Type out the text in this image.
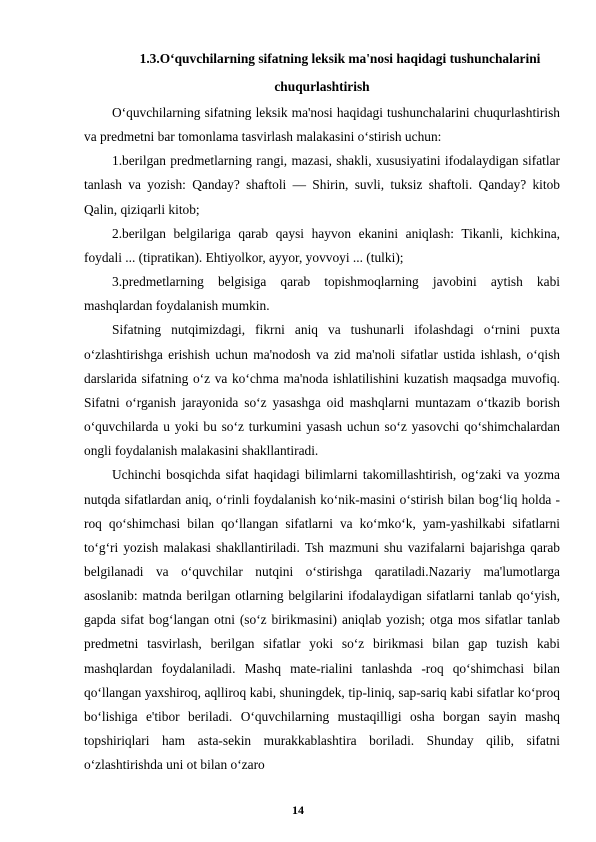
1.3.O‘quvchilarning sifatning leksik ma'nosi haqidagi tushunchalarini

chuqurlashtirish

O‘quvchilarning sifatning leksik ma'nosi haqidagi tushunchalarini chuqurlashtirish va predmetni bar tomonlama tasvirlash malakasini o‘stirish uchun:

1.berilgan predmetlarning rangi, mazasi, shakli, xususiyatini ifodalaydigan sifatlar tanlash va yozish: Qanday? shaftoli — Shirin, suvli, tuksiz shaftoli. Qanday? kitob Qalin, qiziqarli kitob;

2.berilgan belgilariga qarab qaysi hayvon ekanini aniqlash: Tikanli, kichkina, foydali ... (tipratikan). Ehtiyolkor, ayyor, yovvoyi ... (tulki);

3.predmetlarning belgisiga qarab topishmoqlarning javobini aytish kabi mashqlardan foydalanish mumkin.

Sifatning nutqimizdagi, fikrni aniq va tushunarli ifolashdagi o‘rnini puxta o‘zlashtirishga erishish uchun ma'nodosh va zid ma'noli sifatlar ustida ishlash, o‘qish darslarida sifatning o‘z va ko‘chma ma'noda ishlatilishini kuzatish maqsadga muvofiq. Sifatni o‘rganish jarayonida so‘z yasashga oid mashqlarni muntazam o‘tkazib borish o‘quvchilarda u yoki bu so‘z turkumini yasash uchun so‘z yasovchi qo‘shimchalardan ongli foydalanish malakasini shakllantiradi.

Uchinchi bosqichda sifat haqidagi bilimlarni takomillashtirish, og‘zaki va yozma nutqda sifatlardan aniq, o‘rinli foydalanish ko‘nik-masini o‘stirish bilan bog‘liq holda -roq qo‘shimchasi bilan qo‘llangan sifatlarni va ko‘mko‘k, yam-yashilkabi sifatlarni to‘g‘ri yozish malakasi shakllantiriladi. Tsh mazmuni shu vazifalarni bajarishga qarab belgilanadi va o‘quvchilar nutqini o‘stirishga qaratiladi.Nazariy ma'lumotlarga asoslanib: matnda berilgan otlarning belgilarini ifodalaydigan sifatlarni tanlab qo‘yish, gapda sifat bog‘langan otni (so‘z birikmasini) aniqlab yozish; otga mos sifatlar tanlab predmetni tasvirlash, berilgan sifatlar yoki so‘z birikmasi bilan gap tuzish kabi mashqlardan foydalaniladi. Mashq mate-rialini tanlashda -roq qo‘shimchasi bilan qo‘llangan yaxshiroq, aqlliroq kabi, shuningdek, tip-liniq, sap-sariq kabi sifatlar ko‘proq bo‘lishiga e'tibor beriladi. O‘quvchilarning mustaqilligi osha borgan sayin mashq topshiriqlari ham asta-sekin murakkablashtira boriladi. Shunday qilib, sifatni o‘zlashtirishda uni ot bilan o‘zaro

14
